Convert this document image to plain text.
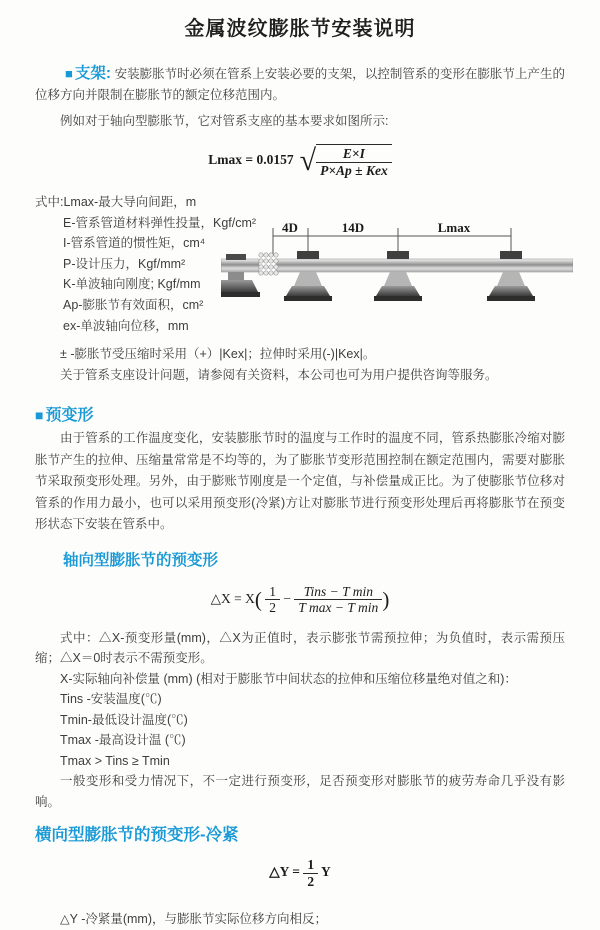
金属波纹膨胀节安装说明

■ 支架: 安装膨胀节时必须在管系上安装必要的支架，以控制管系的变形在膨胀节上产生的位移方向并限制在膨胀节的额定位移范围内。

例如对于轴向型膨胀节，它对管系支座的基本要求如图所示:

Lmax = 0.0157 √ $\frac{E\times I}{\text{P×Ap ± Kex}}$

式中:Lmax-最大导向间距，m

E-管系管道材料弹性投量，Kgf/cm²

I-管系管道的惯性矩，cm⁴

P-设计压力，Kgf/mm²

K-单波轴向刚度; Kgf/mm

Ap-膨胀节有效面积，cm²

ex-单波轴向位移，mm

4D	14D	Lmax

± -膨胀节受压缩时采用（+）|Kex|；拉伸时采用(-)|Kex|。

关于管系支座设计问题，请参阅有关资料，本公司也可为用户提供咨询等服务。

■ 预变形

由于管系的工作温度变化，安装膨胀节时的温度与工作时的温度不同，管系热膨胀冷缩对膨胀节产生的拉伸、压缩量常常是不均等的，为了膨胀节变形范围控制在额定范围内，需要对膨胀节采取预变形处理。另外，由于膨账节刚度是一个定值，与补偿量成正比。为了使膨胀节位移对管系的作用力最小，也可以采用预变形(冷紧)方让对膨胀节进行预变形处理后再将膨胀节在预变形状态下安装在管系中。

轴向型膨胀节的预变形
△X = $X( \frac{1}{2} - \frac{\text{Tins − T min}}{\text{T max − T min}}$ )

式中：△X-预变形量(mm)，△X为正值时，表示膨张节需预拉伸；为负值时，表示需预压缩；△X＝0时表示不需预变形。

X-实际轴向补偿量 (mm) (相对于膨胀节中间状态的拉伸和压缩位移量绝对值之和)：

Tins -安装温度(℃)

Tmin-最低设计温度(℃)

Tmax -最高设计温 (℃)

Tmax > Tins ≥ Tmin

一般变形和受力情况下，不一定进行预变形，足否预变形对膨胀节的疲劳寿命几乎没有影响。

横向型膨胀节的预变形-冷紧
△Y = $\frac{1}{2}$ Y

△Y -冷紧量(mm)，与膨胀节实际位移方向相反；
